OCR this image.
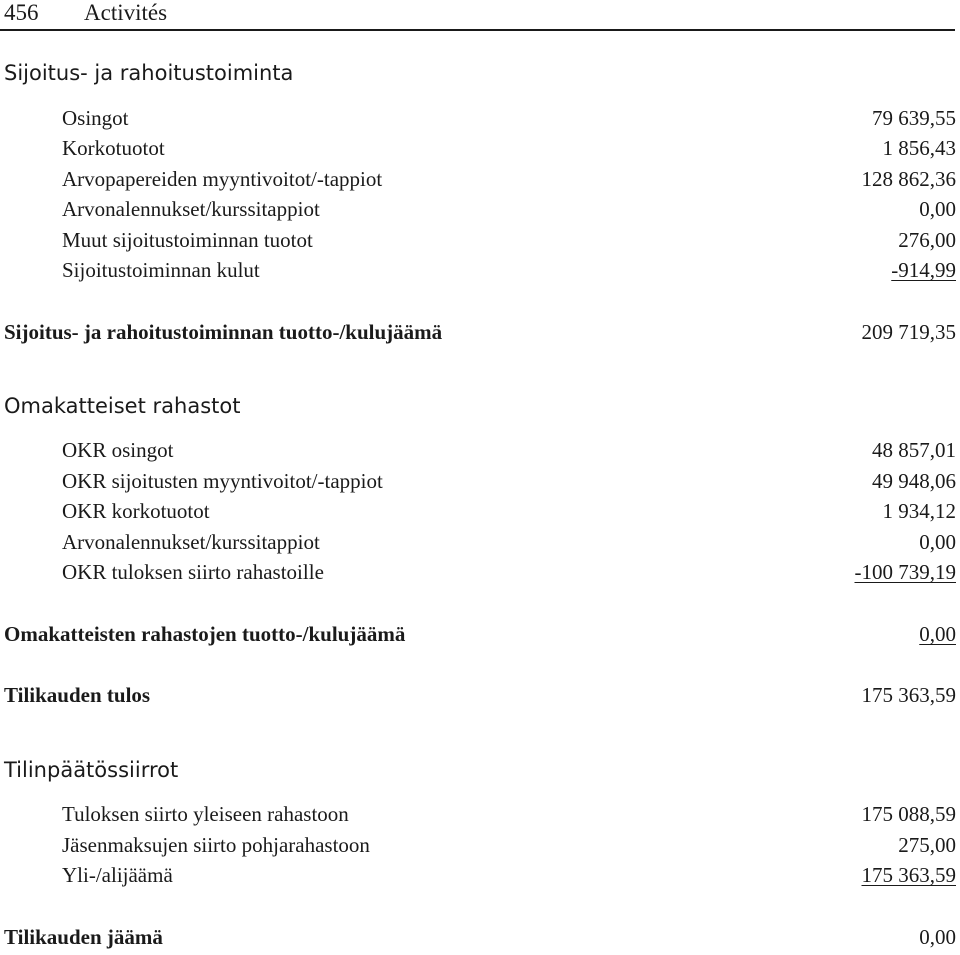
456 Activités
Sijoitus- ja rahoitustoiminta
Osingot	79 639,55
Korkotuotot	1 856,43
Arvopapereiden myyntivoitot/-tappiot	128 862,36
Arvonalennukset/kurssitappiot	0,00
Muut sijoitustoiminnan tuotot	276,00
Sijoitustoiminnan kulut	-914,99
Sijoitus- ja rahoitustoiminnan tuotto-/kulujäämä	209 719,35
Omakatteiset rahastot
OKR osingot	48 857,01
OKR sijoitusten myyntivoitot/-tappiot	49 948,06
OKR korkotuotot	1 934,12
Arvonalennukset/kurssitappiot	0,00
OKR tuloksen siirto rahastoille	-100 739,19
Omakatteisten rahastojen tuotto-/kulujäämä	0,00
Tilikauden tulos	175 363,59
Tilinpäätössiirrot
Tuloksen siirto yleiseen rahastoon	175 088,59
Jäsenmaksujen siirto pohjarahastoon	275,00
Yli-/alijäämä	175 363,59
Tilikauden jäämä	0,00
